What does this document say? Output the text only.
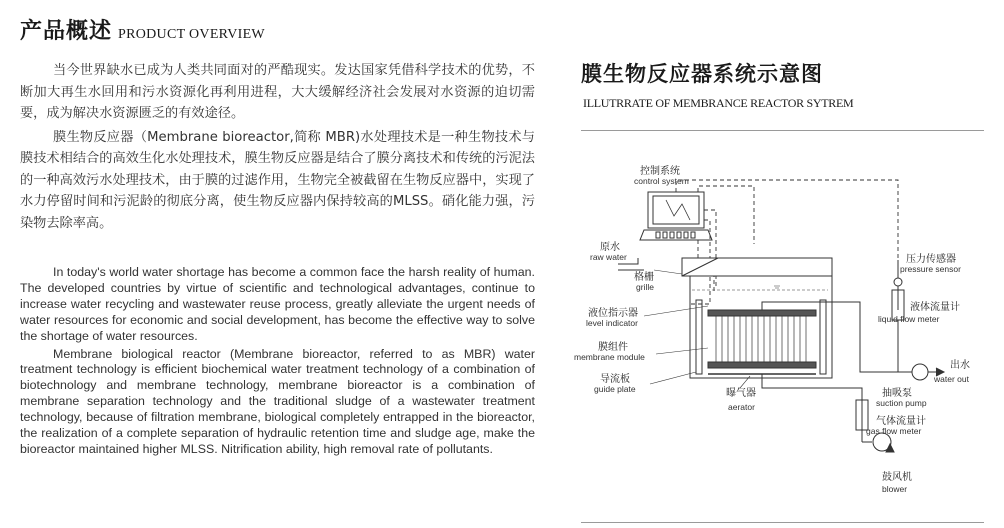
产品概述 PRODUCT OVERVIEW

当今世界缺水已成为人类共同面对的严酷现实。发达国家凭借科学技术的优势，不断加大再生水回用和污水资源化再利用进程，大大缓解经济社会发展对水资源的迫切需要，成为解决水资源匮乏的有效途径。

膜生物反应器（Membrane bioreactor,简称 MBR)水处理技术是一种生物技术与膜技术相结合的高效生化水处理技术，膜生物反应器是结合了膜分离技术和传统的污泥法的一种高效污水处理技术，由于膜的过滤作用，生物完全被截留在生物反应器中，实现了水力停留时间和污泥龄的彻底分离，使生物反应器内保持较高的MLSS。硝化能力强，污染物去除率高。

In today's world water shortage has become a common face the harsh reality of human. The developed countries by virtue of scientific and technological advantages, continue to increase water recycling and wastewater reuse process, greatly alleviate the urgent needs of water resources for economic and social development, has become the effective way to solve the shortage of water resources.

Membrane biological reactor (Membrane bioreactor, referred to as MBR) water treatment technology is efficient biochemical water treatment technology of a combination of biotechnology and membrane technology, membrane bioreactor is a combination of membrane separation technology and the traditional sludge of a wastewater treatment technology, because of filtration membrane, biological completely entrapped in the bioreactor, the realization of a complete separation of hydraulic retention time and sludge age, make the bioreactor maintained higher MLSS. Nitrification ability, high removal rate of pollutants.

膜生物反应器系统示意图
ILLUTRRATE OF MEMBRANCE REACTOR SYTREM
控制系统
control system
原水
raw water
格栅
grille
液位指示器
level indicator
膜组件
membrane module
导流板
guide plate	曝气器
aerator
压力传感器
pressure sensor
液体流量计
liquid flow meter
出水
water out
抽吸泵
suction pump
气体流量计
gas flow meter
鼓风机
blower
